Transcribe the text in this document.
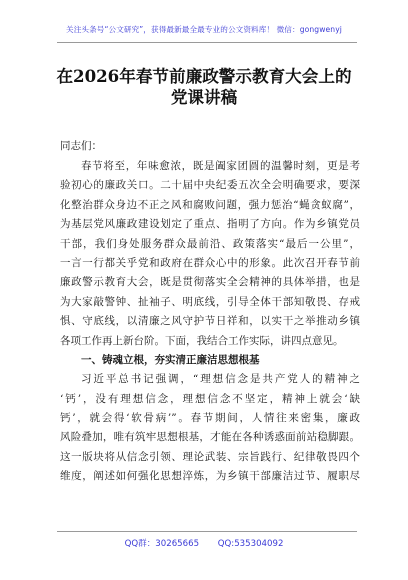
关注头条号“公文研究”，获得最新最全最专业的公文资料库！ 微信：gongwenyj
在2026年春节前廉政警示教育大会上的
党课讲稿
同志们：
春节将至，年味愈浓，既是阖家团圆的温馨时刻，更是考
验初心的廉政关口。二十届中央纪委五次全会明确要求，要深
化整治群众身边不正之风和腐败问题，强力惩治“蝇贪蚁腐”，
为基层党风廉政建设划定了重点、指明了方向。作为乡镇党员
干部，我们身处服务群众最前沿、政策落实“最后一公里”，
一言一行都关乎党和政府在群众心中的形象。此次召开春节前
廉政警示教育大会，既是贯彻落实全会精神的具体举措，也是
为大家敲警钟、扯袖子、明底线，引导全体干部知敬畏、存戒
惧、守底线，以清廉之风守护节日祥和，以实干之举推动乡镇
各项工作再上新台阶。下面，我结合工作实际，讲四点意见。
一、铸魂立根，夯实清正廉洁思想根基
习近平总书记强调，“理想信念是共产党人的精神之
‘钙’，没有理想信念，理想信念不坚定，精神上就会‘缺
钙’，就会得‘软骨病’”。春节期间，人情往来密集，廉政
风险叠加，唯有筑牢思想根基，才能在各种诱惑面前站稳脚跟。
这一版块将从信念引领、理论武装、宗旨践行、纪律敬畏四个
维度，阐述如何强化思想淬炼，为乡镇干部廉洁过节、履职尽
QQ群：30265665 QQ:535304092
